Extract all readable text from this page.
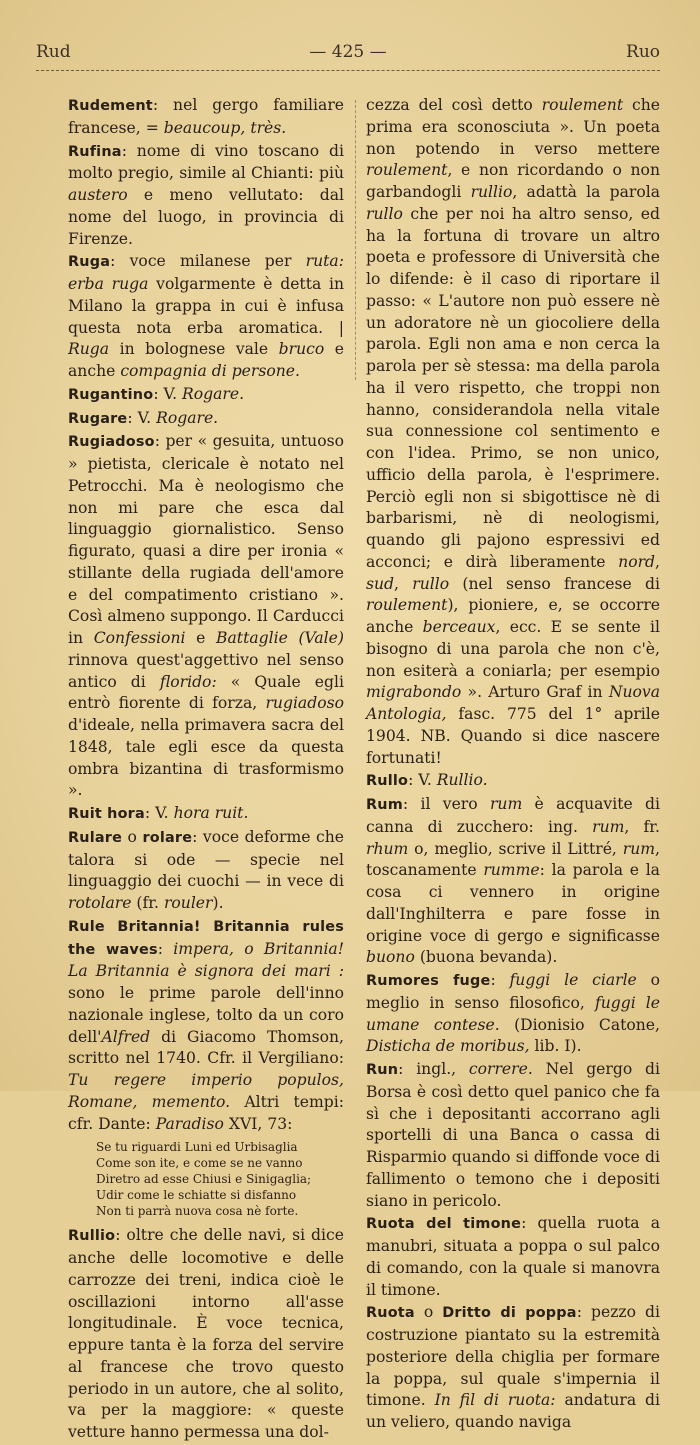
Rud	— 425 —	Ruo

Rudement: nel gergo familiare francese, = beaucoup, très.

Rufina: nome di vino toscano di molto pregio, simile al Chianti: più austero e meno vellutato: dal nome del luogo, in provincia di Firenze.

Ruga: voce milanese per ruta: erba ruga volgarmente è detta in Milano la grappa in cui è infusa questa nota erba aromatica. | Ruga in bolognese vale bruco e anche compagnia di persone.

Rugantino: V. Rogare.

Rugare: V. Rogare.

Rugiadoso: per « gesuita, untuoso » pietista, clericale è notato nel Petrocchi. Ma è neologismo che non mi pare che esca dal linguaggio giornalistico. Senso figurato, quasi a dire per ironia « stillante della rugiada dell'amore e del compatimento cristiano ». Così almeno suppongo. Il Carducci in Confessioni e Battaglie (Vale) rinnova quest'aggettivo nel senso antico di florido: « Quale egli entrò fiorente di forza, rugiadoso d'ideale, nella primavera sacra del 1848, tale egli esce da questa ombra bizantina di trasformismo ».

Ruit hora: V. hora ruit.

Rulare o rolare: voce deforme che talora si ode — specie nel linguaggio dei cuochi — in vece di rotolare (fr. rouler).

Rule Britannia! Britannia rules the waves: impera, o Britannia! La Britannia è signora dei mari : sono le prime parole dell'inno nazionale inglese, tolto da un coro dell'Alfred di Giacomo Thomson, scritto nel 1740. Cfr. il Vergiliano: Tu regere imperio populos, Romane, memento. Altri tempi: cfr. Dante: Paradiso XVI, 73:

Se tu riguardi Luni ed Urbisaglia
Come son ite, e come se ne vanno
Diretro ad esse Chiusi e Sinigaglia;
Udir come le schiatte si disfanno
Non ti parrà nuova cosa nè forte.

Rullio: oltre che delle navi, si dice anche delle locomotive e delle carrozze dei treni, indica cioè le oscillazioni intorno all'asse longitudinale. È voce tecnica, eppure tanta è la forza del servire al francese che trovo questo periodo in un autore, che al solito, va per la maggiore: « queste vetture hanno permessa una dol-

cezza del così detto roulement che prima era sconosciuta ». Un poeta non potendo in verso mettere roulement, e non ricordando o non garbandogli rullio, adattà la parola rullo che per noi ha altro senso, ed ha la fortuna di trovare un altro poeta e professore di Università che lo difende: è il caso di riportare il passo: « L'autore non può essere nè un adoratore nè un giocoliere della parola. Egli non ama e non cerca la parola per sè stessa: ma della parola ha il vero rispetto, che troppi non hanno, considerandola nella vitale sua connessione col sentimento e con l'idea. Primo, se non unico, ufficio della parola, è l'esprimere. Perciò egli non si sbigottisce nè di barbarismi, nè di neologismi, quando gli pajono espressivi ed acconci; e dirà liberamente nord, sud, rullo (nel senso francese di roulement), pioniere, e, se occorre anche berceaux, ecc. E se sente il bisogno di una parola che non c'è, non esiterà a coniarla; per esempio migrabondo ». Arturo Graf in Nuova Antologia, fasc. 775 del 1° aprile 1904. NB. Quando si dice nascere fortunati!

Rullo: V. Rullio.

Rum: il vero rum è acquavite di canna di zucchero: ing. rum, fr. rhum o, meglio, scrive il Littré, rum, toscanamente rumme: la parola e la cosa ci vennero in origine dall'Inghilterra e pare fosse in origine voce di gergo e significasse buono (buona bevanda).

Rumores fuge: fuggi le ciarle o meglio in senso filosofico, fuggi le umane contese. (Dionisio Catone, Disticha de moribus, lib. I).

Run: ingl., correre. Nel gergo di Borsa è così detto quel panico che fa sì che i depositanti accorrano agli sportelli di una Banca o cassa di Risparmio quando si diffonde voce di fallimento o temono che i depositi siano in pericolo.

Ruota del timone: quella ruota a manubri, situata a poppa o sul palco di comando, con la quale si manovra il timone.

Ruota o Dritto di poppa: pezzo di costruzione piantato su la estremità posteriore della chiglia per formare la poppa, sul quale s'impernia il timone. In fil di ruota: andatura di un veliero, quando naviga
